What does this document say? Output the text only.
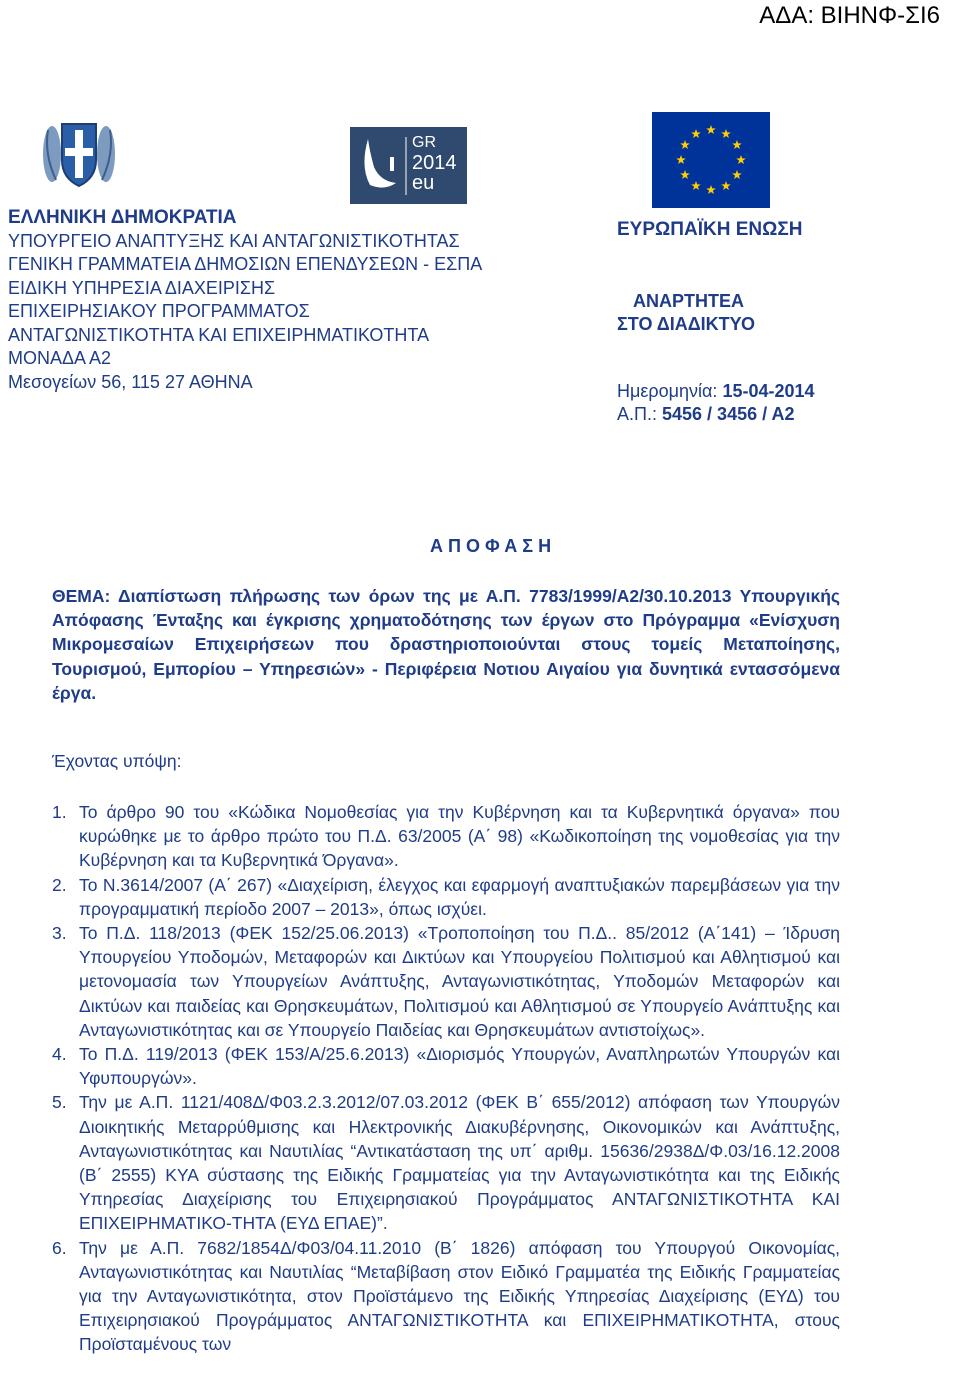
ΑΔΑ: ΒΙΗΝΦ-ΣΙ6
GR
2014
eu
ΕΛΛΗΝΙΚΗ ΔΗΜΟΚΡΑΤΙΑ
ΥΠΟΥΡΓΕΙΟ ΑΝΑΠΤΥΞΗΣ ΚΑΙ ΑΝΤΑΓΩΝΙΣΤΙΚΟΤΗΤΑΣ
ΓΕΝΙΚΗ ΓΡΑΜΜΑΤΕΙΑ ΔΗΜΟΣΙΩΝ ΕΠΕΝΔΥΣΕΩΝ - ΕΣΠΑ
ΕΙΔΙΚΗ ΥΠΗΡΕΣΙΑ ΔΙΑΧΕΙΡΙΣΗΣ
ΕΠΙΧΕΙΡΗΣΙΑΚΟΥ ΠΡΟΓΡΑΜΜΑΤΟΣ
ΑΝΤΑΓΩΝΙΣΤΙΚΟΤΗΤΑ ΚΑΙ ΕΠΙΧΕΙΡΗΜΑΤΙΚΟΤΗΤΑ
ΜΟΝΑΔΑ Α2
Μεσογείων 56, 115 27 ΑΘΗΝΑ
ΕΥΡΩΠΑΪΚΗ ΕΝΩΣΗ
ΑΝΑΡΤΗΤΕΑ
ΣΤΟ ΔΙΑΔΙΚΤΥΟ
Ημερομηνία: 15-04-2014
Α.Π.: 5456 / 3456 / Α2
ΑΠΟΦΑΣΗ
ΘΕΜΑ: Διαπίστωση πλήρωσης των όρων της με Α.Π. 7783/1999/Α2/30.10.2013 Υπουργικής Απόφασης Ένταξης και έγκρισης χρηματοδότησης των έργων στο Πρόγραμμα «Ενίσχυση Μικρομεσαίων Επιχειρήσεων που δραστηριοποιούνται στους τομείς Μεταποίησης, Τουρισμού, Εμπορίου – Υπηρεσιών» - Περιφέρεια Νοτιου Αιγαίου για δυνητικά εντασσόμενα έργα.
Έχοντας υπόψη:
1. Το άρθρο 90 του «Κώδικα Νομοθεσίας για την Κυβέρνηση και τα Κυβερνητικά όργανα» που κυρώθηκε με το άρθρο πρώτο του Π.Δ. 63/2005 (Α΄ 98) «Κωδικοποίηση της νομοθεσίας για την Κυβέρνηση και τα Κυβερνητικά Όργανα».
2. Το Ν.3614/2007 (Α΄ 267) «Διαχείριση, έλεγχος και εφαρμογή αναπτυξιακών παρεμβάσεων για την προγραμματική περίοδο 2007 – 2013», όπως ισχύει.
3. Το Π.Δ. 118/2013 (ΦΕΚ 152/25.06.2013) «Τροποποίηση του Π.Δ.. 85/2012 (Α΄141) – Ίδρυση Υπουργείου Υποδομών, Μεταφορών και Δικτύων και Υπουργείου Πολιτισμού και Αθλητισμού και μετονομασία των Υπουργείων Ανάπτυξης, Ανταγωνιστικότητας, Υποδομών Μεταφορών και Δικτύων και παιδείας και Θρησκευμάτων, Πολιτισμού και Αθλητισμού σε Υπουργείο Ανάπτυξης και Ανταγωνιστικότητας και σε Υπουργείο Παιδείας και Θρησκευμάτων αντιστοίχως».
4. Το Π.Δ. 119/2013 (ΦΕΚ 153/Α/25.6.2013) «Διορισμός Υπουργών, Αναπληρωτών Υπουργών και Υφυπουργών».
5. Την με Α.Π. 1121/408Δ/Φ03.2.3.2012/07.03.2012 (ΦΕΚ Β΄ 655/2012) απόφαση των Υπουργών Διοικητικής Μεταρρύθμισης και Ηλεκτρονικής Διακυβέρνησης, Οικονομικών και Ανάπτυξης, Ανταγωνιστικότητας και Ναυτιλίας “Αντικατάσταση της υπ΄ αριθμ. 15636/2938Δ/Φ.03/16.12.2008 (Β΄ 2555) ΚΥΑ σύστασης της Ειδικής Γραμματείας για την Ανταγωνιστικότητα και της Ειδικής Υπηρεσίας Διαχείρισης του Επιχειρησιακού Προγράμματος ΑΝΤΑΓΩΝΙΣΤΙΚΟΤΗΤΑ ΚΑΙ ΕΠΙΧΕΙΡΗΜΑΤΙΚΟ-ΤΗΤΑ (ΕΥΔ ΕΠΑΕ)”.
6. Την με Α.Π. 7682/1854Δ/Φ03/04.11.2010 (Β΄ 1826) απόφαση του Υπουργού Οικονομίας, Ανταγωνιστικότητας και Ναυτιλίας “Μεταβίβαση στον Ειδικό Γραμματέα της Ειδικής Γραμματείας για την Ανταγωνιστικότητα, στον Προϊστάμενο της Ειδικής Υπηρεσίας Διαχείρισης (ΕΥΔ) του Επιχειρησιακού Προγράμματος ΑΝΤΑΓΩΝΙΣΤΙΚΟΤΗΤΑ και ΕΠΙΧΕΙΡΗΜΑΤΙΚΟΤΗΤΑ, στους Προϊσταμένους των
